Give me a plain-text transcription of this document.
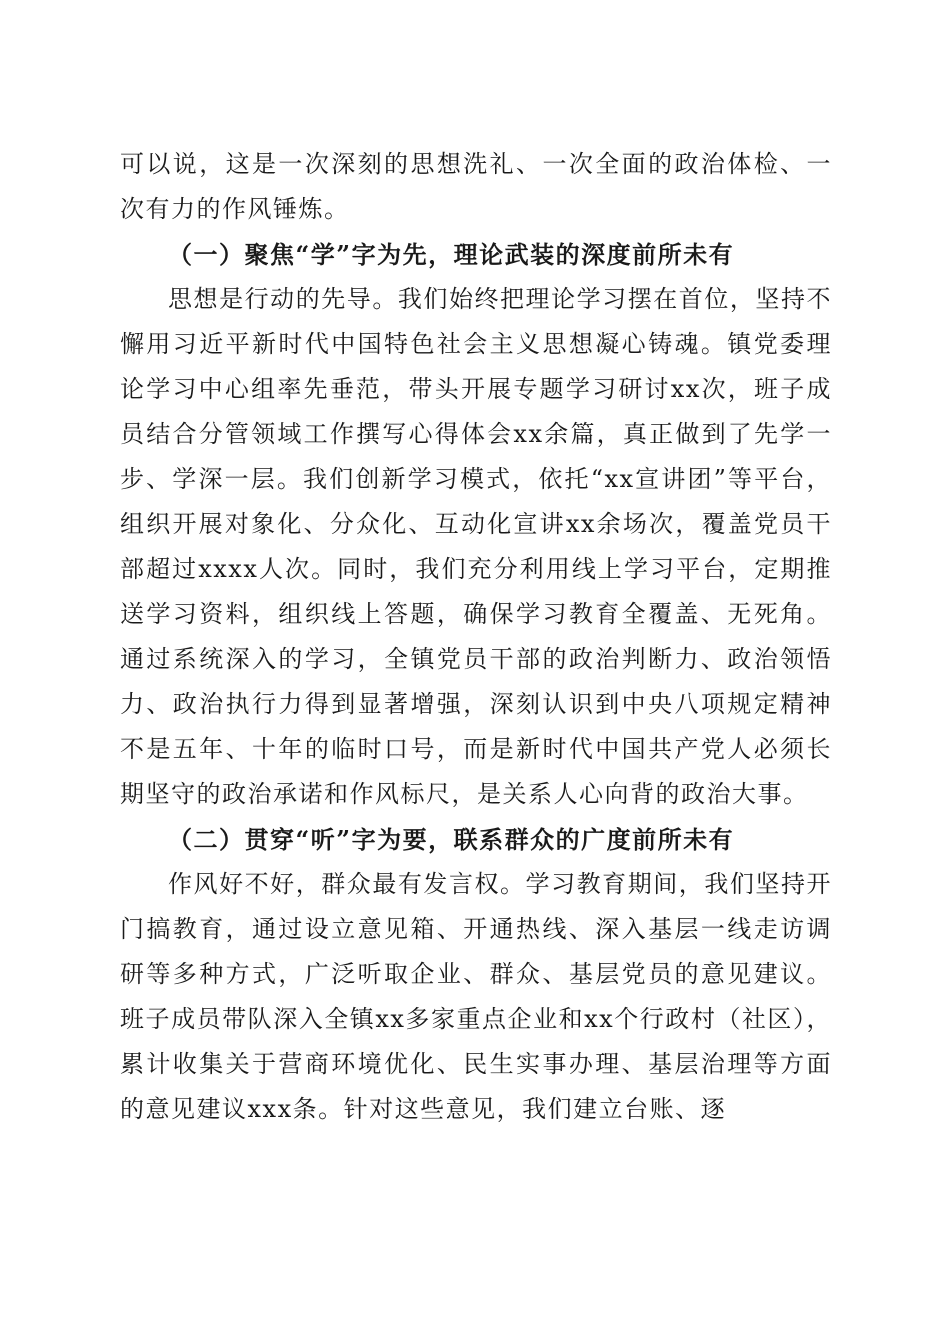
可以说，这是一次深刻的思想洗礼、一次全面的政治体检、一次有力的作风锤炼。

（一）聚焦“学”字为先，理论武装的深度前所未有

思想是行动的先导。我们始终把理论学习摆在首位，坚持不懈用习近平新时代中国特色社会主义思想凝心铸魂。镇党委理论学习中心组率先垂范，带头开展专题学习研讨xx次，班子成员结合分管领域工作撰写心得体会xx余篇，真正做到了先学一步、学深一层。我们创新学习模式，依托“xx宣讲团”等平台，组织开展对象化、分众化、互动化宣讲xx余场次，覆盖党员干部超过xxxx人次。同时，我们充分利用线上学习平台，定期推送学习资料，组织线上答题，确保学习教育全覆盖、无死角。通过系统深入的学习，全镇党员干部的政治判断力、政治领悟力、政治执行力得到显著增强，深刻认识到中央八项规定精神不是五年、十年的临时口号，而是新时代中国共产党人必须长期坚守的政治承诺和作风标尺，是关系人心向背的政治大事。

（二）贯穿“听”字为要，联系群众的广度前所未有

作风好不好，群众最有发言权。学习教育期间，我们坚持开门搞教育，通过设立意见箱、开通热线、深入基层一线走访调研等多种方式，广泛听取企业、群众、基层党员的意见建议。班子成员带队深入全镇xx多家重点企业和xx个行政村（社区），累计收集关于营商环境优化、民生实事办理、基层治理等方面的意见建议xxx条。针对这些意见，我们建立台账、逐
